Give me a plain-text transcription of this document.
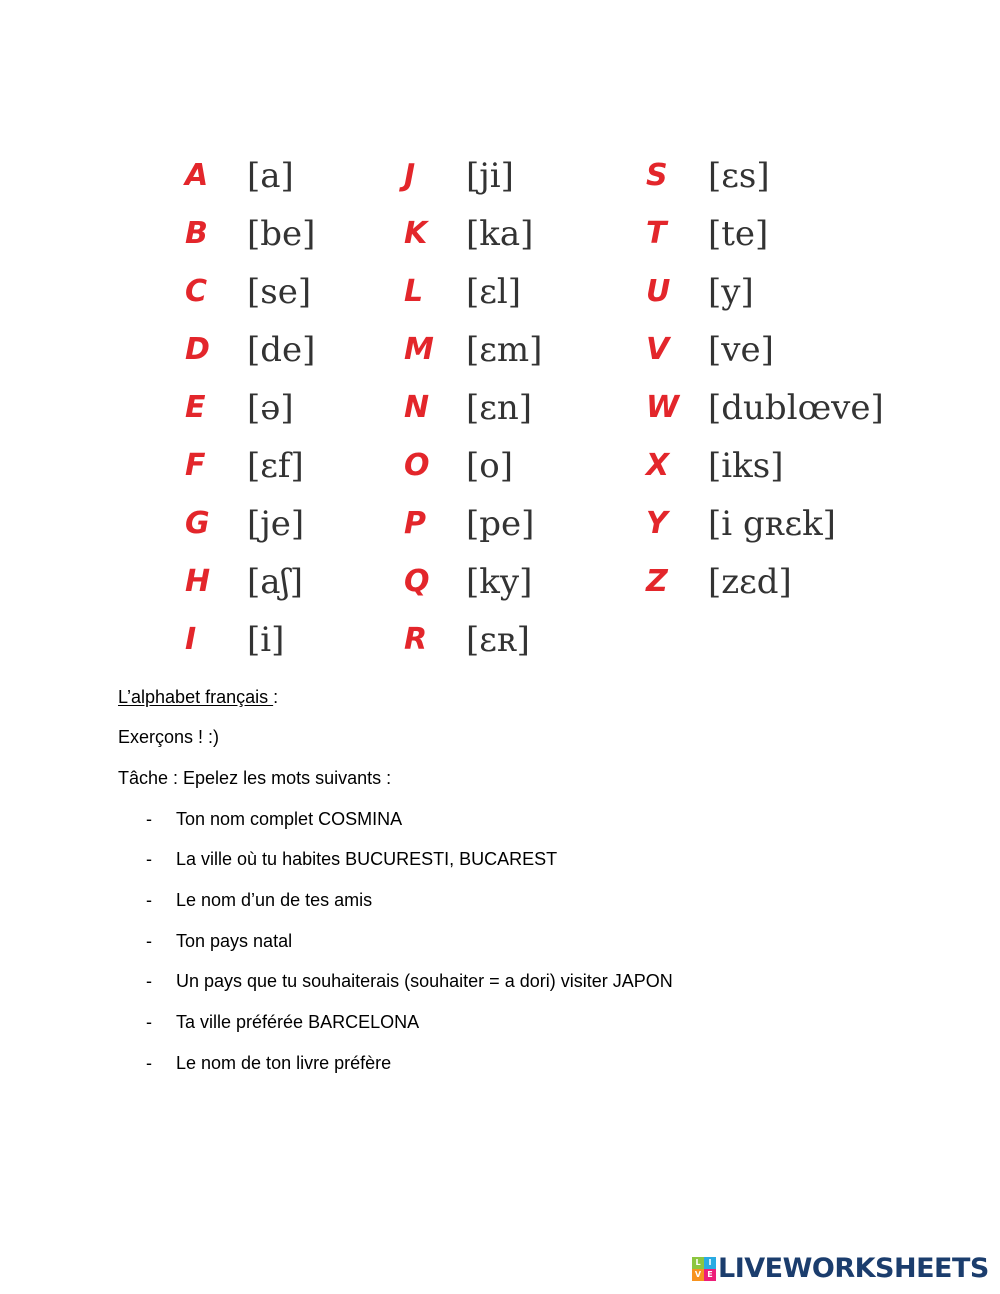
A [a]
B [be]
C [se]
D [de]
E [ə]
F [ɛf]
G [je]
H [aʃ]
I [i]
J [ji]
K [ka]
L [ɛl]
M [ɛm]
N [ɛn]
O [o]
P [pe]
Q [ky]
R [ɛʀ]
S [ɛs]
T [te]
U [y]
V [ve]
W [dublœve]
X [iks]
Y [i gʀɛk]
Z [zɛd]
L’alphabet français :
Exerçons ! :)
Tâche : Epelez les mots suivants :
- Ton nom complet COSMINA
- La ville où tu habites BUCURESTI, BUCAREST
- Le nom d’un de tes amis
- Ton pays natal
- Un pays que tu souhaiterais (souhaiter = a dori) visiter JAPON
- Ta ville préférée BARCELONA
- Le nom de ton livre préfère
L I
V E LIVEWORKSHEETS
